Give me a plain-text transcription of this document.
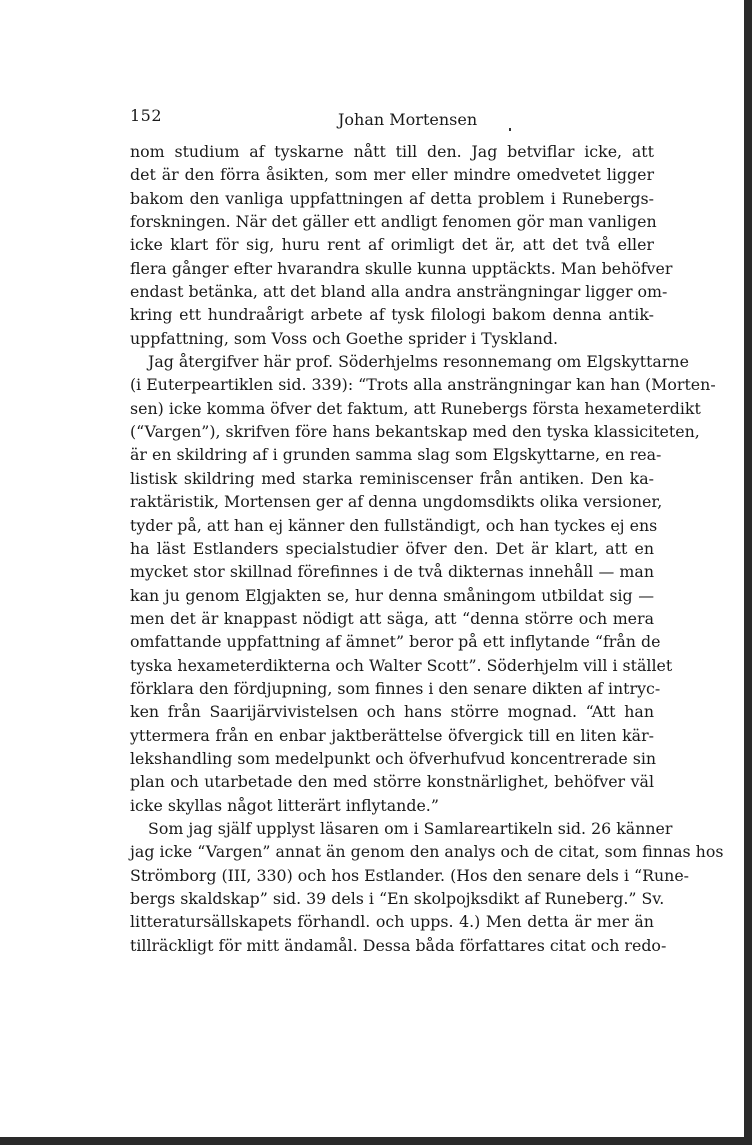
152	Johan Mortensen
nom studium af tyskarne nått till den. Jag betviflar icke, att
det är den förra åsikten, som mer eller mindre omedvetet ligger
bakom den vanliga uppfattningen af detta problem i Runebergs-
forskningen. När det gäller ett andligt fenomen gör man vanligen
icke klart för sig, huru rent af orimligt det är, att det två eller
flera gånger efter hvarandra skulle kunna upptäckts. Man behöfver
endast betänka, att det bland alla andra ansträngningar ligger om-
kring ett hundraårigt arbete af tysk filologi bakom denna antik-
uppfattning, som Voss och Goethe sprider i Tyskland.
Jag återgifver här prof. Söderhjelms resonnemang om Elgskyttarne
(i Euterpeartiklen sid. 339): “Trots alla ansträngningar kan han (Morten-
sen) icke komma öfver det faktum, att Runebergs första hexameterdikt
(“Vargen”), skrifven före hans bekantskap med den tyska klassiciteten,
är en skildring af i grunden samma slag som Elgskyttarne, en rea-
listisk skildring med starka reminiscenser från antiken. Den ka-
raktäristik, Mortensen ger af denna ungdomsdikts olika versioner,
tyder på, att han ej känner den fullständigt, och han tyckes ej ens
ha läst Estlanders specialstudier öfver den. Det är klart, att en
mycket stor skillnad förefinnes i de två dikternas innehåll — man
kan ju genom Elgjakten se, hur denna småningom utbildat sig —
men det är knappast nödigt att säga, att “denna större och mera
omfattande uppfattning af ämnet” beror på ett inflytande “från de
tyska hexameterdikterna och Walter Scott”. Söderhjelm vill i stället
förklara den fördjupning, som finnes i den senare dikten af intryc-
ken från Saarijärvivistelsen och hans större mognad. “Att han
yttermera från en enbar jaktberättelse öfvergick till en liten kär-
lekshandling som medelpunkt och öfverhufvud koncentrerade sin
plan och utarbetade den med större konstnärlighet, behöfver väl
icke skyllas något litterärt inflytande.”
Som jag själf upplyst läsaren om i Samlareartikeln sid. 26 känner
jag icke “Vargen” annat än genom den analys och de citat, som finnas hos
Strömborg (III, 330) och hos Estlander. (Hos den senare dels i “Rune-
bergs skaldskap” sid. 39 dels i “En skolpojksdikt af Runeberg.” Sv.
litteratursällskapets förhandl. och upps. 4.) Men detta är mer än
tillräckligt för mitt ändamål. Dessa båda författares citat och redo-
